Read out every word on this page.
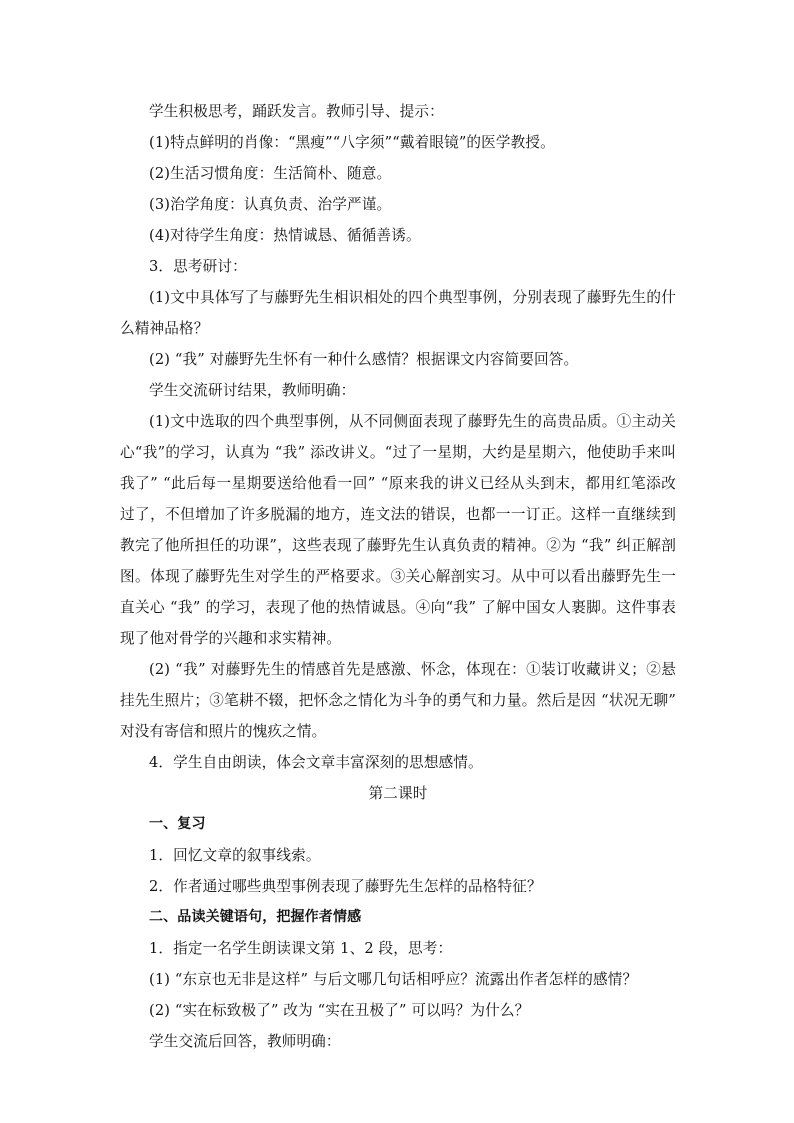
学生积极思考，踊跃发言。教师引导、提示：

(1)特点鲜明的肖像：“黑瘦”“八字须”“戴着眼镜”的医学教授。

(2)生活习惯角度：生活简朴、随意。

(3)治学角度：认真负责、治学严谨。

(4)对待学生角度：热情诚恳、循循善诱。

3．思考研讨：

(1)文中具体写了与藤野先生相识相处的四个典型事例，分别表现了藤野先生的什么精神品格？

(2) “我” 对藤野先生怀有一种什么感情？根据课文内容简要回答。

学生交流研讨结果，教师明确：

(1)文中选取的四个典型事例，从不同侧面表现了藤野先生的高贵品质。①主动关心“我”的学习，认真为 “我” 添改讲义。“过了一星期，大约是星期六，他使助手来叫我了” “此后每一星期要送给他看一回” “原来我的讲义已经从头到末，都用红笔添改过了，不但增加了许多脱漏的地方，连文法的错误，也都一一订正。这样一直继续到教完了他所担任的功课”，这些表现了藤野先生认真负责的精神。②为 “我” 纠正解剖图。体现了藤野先生对学生的严格要求。③关心解剖实习。从中可以看出藤野先生一直关心 “我” 的学习，表现了他的热情诚恳。④向“我” 了解中国女人裹脚。这件事表现了他对骨学的兴趣和求实精神。

(2) “我” 对藤野先生的情感首先是感激、怀念，体现在：①装订收藏讲义；②悬挂先生照片；③笔耕不辍，把怀念之情化为斗争的勇气和力量。然后是因 “状况无聊” 对没有寄信和照片的愧疚之情。

4．学生自由朗读，体会文章丰富深刻的思想感情。

第二课时

一、复习

1．回忆文章的叙事线索。

2．作者通过哪些典型事例表现了藤野先生怎样的品格特征？

二、品读关键语句，把握作者情感

1．指定一名学生朗读课文第 1、2 段，思考：

(1) “东京也无非是这样” 与后文哪几句话相呼应？流露出作者怎样的感情？

(2) “实在标致极了” 改为 “实在丑极了” 可以吗？为什么？

学生交流后回答，教师明确：
